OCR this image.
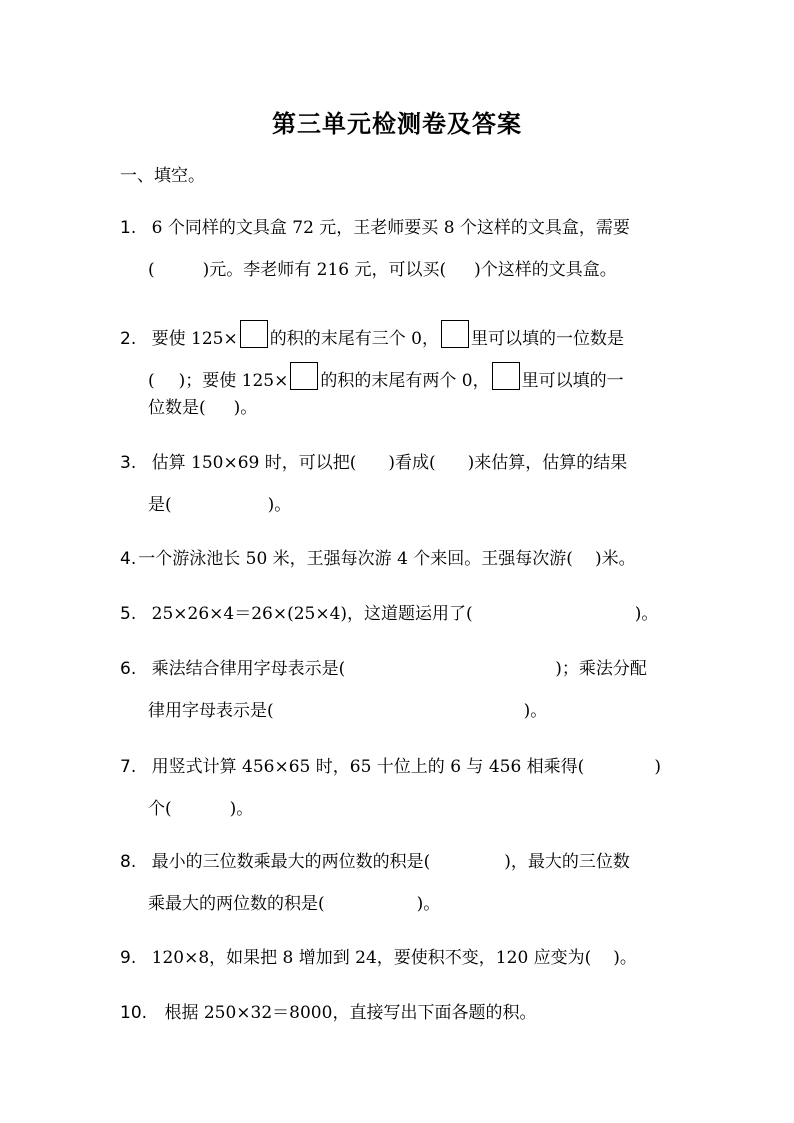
第三单元检测卷及答案
一、填空。
1. 6 个同样的文具盒 72 元，王老师要买 8 个这样的文具盒，需要
(	)元。李老师有 216 元，可以买( )个这样的文具盒。
2. 要使 125× 的积的末尾有三个 0， 里可以填的一位数是
( )；要使 125× 的积的末尾有两个 0， 里可以填的一
位数是( )。
3. 估算 150×69 时，可以把( )看成( )来估算，估算的结果
是(	)。
4. 一个游泳池长 50 米，王强每次游 4 个来回。王强每次游( )米。
5. 25×26×4＝26×(25×4)，这道题运用了(	)。
6. 乘法结合律用字母表示是(	)；乘法分配
律用字母表示是(	)。
7. 用竖式计算 456×65 时，65 十位上的 6 与 456 相乘得(	)
个(	)。
8. 最小的三位数乘最大的两位数的积是(	)，最大的三位数
乘最大的两位数的积是(	)。
9. 120×8，如果把 8 增加到 24，要使积不变，120 应变为( )。
10. 根据 250×32＝8000，直接写出下面各题的积。
